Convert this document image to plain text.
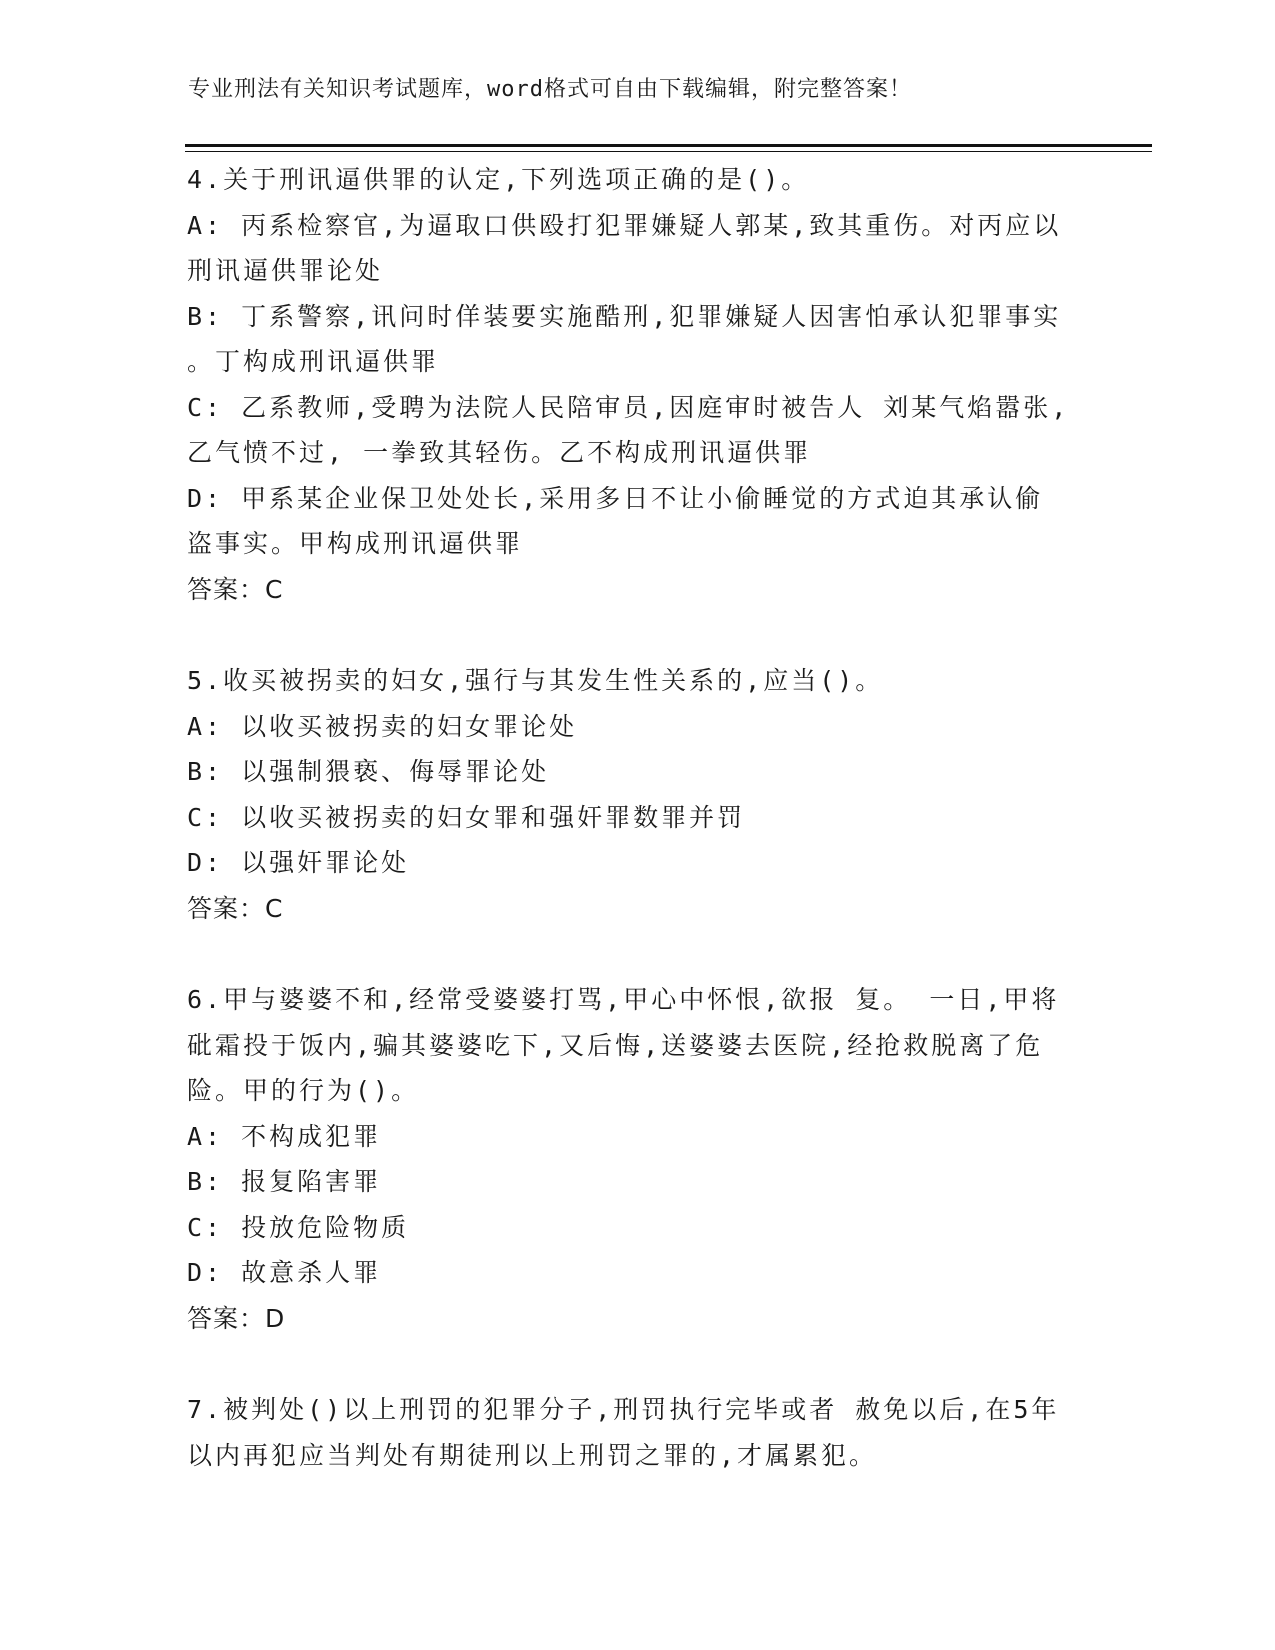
专业刑法有关知识考试题库，word格式可自由下载编辑，附完整答案！

4.关于刑讯逼供罪的认定,下列选项正确的是()。

A: 丙系检察官,为逼取口供殴打犯罪嫌疑人郭某,致其重伤。对丙应以

刑讯逼供罪论处

B: 丁系警察,讯问时佯装要实施酷刑,犯罪嫌疑人因害怕承认犯罪事实

。丁构成刑讯逼供罪

C: 乙系教师,受聘为法院人民陪审员,因庭审时被告人 刘某气焰嚣张,

乙气愤不过, 一拳致其轻伤。乙不构成刑讯逼供罪

D: 甲系某企业保卫处处长,采用多日不让小偷睡觉的方式迫其承认偷

盗事实。甲构成刑讯逼供罪

答案：C

5.收买被拐卖的妇女,强行与其发生性关系的,应当()。

A: 以收买被拐卖的妇女罪论处

B: 以强制猥亵、侮辱罪论处

C: 以收买被拐卖的妇女罪和强奸罪数罪并罚

D: 以强奸罪论处

答案：C

6.甲与婆婆不和,经常受婆婆打骂,甲心中怀恨,欲报 复。 一日,甲将

砒霜投于饭内,骗其婆婆吃下,又后悔,送婆婆去医院,经抢救脱离了危

险。甲的行为()。

A: 不构成犯罪

B: 报复陷害罪

C: 投放危险物质

D: 故意杀人罪

答案：D

7.被判处()以上刑罚的犯罪分子,刑罚执行完毕或者 赦免以后,在5年

以内再犯应当判处有期徒刑以上刑罚之罪的,才属累犯。
